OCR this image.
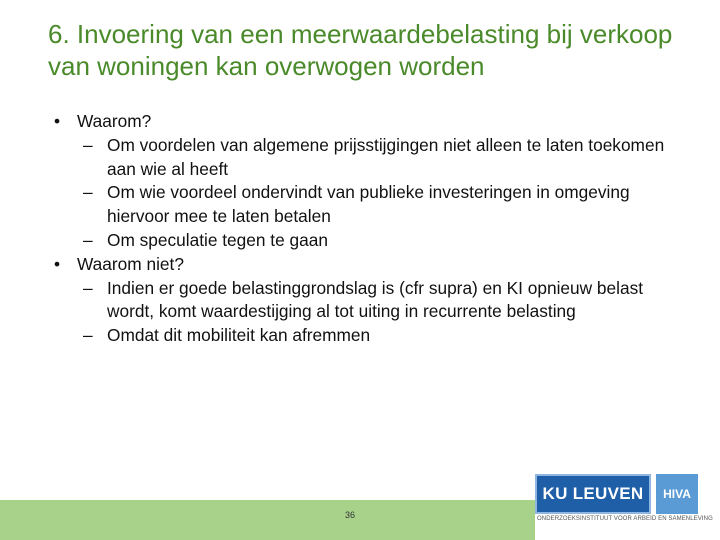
6. Invoering van een meerwaardebelasting bij verkoop van woningen kan overwogen worden
• Waarom?
– Om voordelen van algemene prijsstijgingen niet alleen te laten toekomen aan wie al heeft
– Om wie voordeel ondervindt van publieke investeringen in omgeving hiervoor mee te laten betalen
– Om speculatie tegen te gaan
• Waarom niet?
– Indien er goede belastinggrondslag is (cfr supra) en KI opnieuw belast wordt, komt waardestijging al tot uiting in recurrente belasting
– Omdat dit mobiliteit kan afremmen
36
KU LEUVEN HIVA
ONDERZOEKSINSTITUUT VOOR ARBEID EN SAMENLEVING
